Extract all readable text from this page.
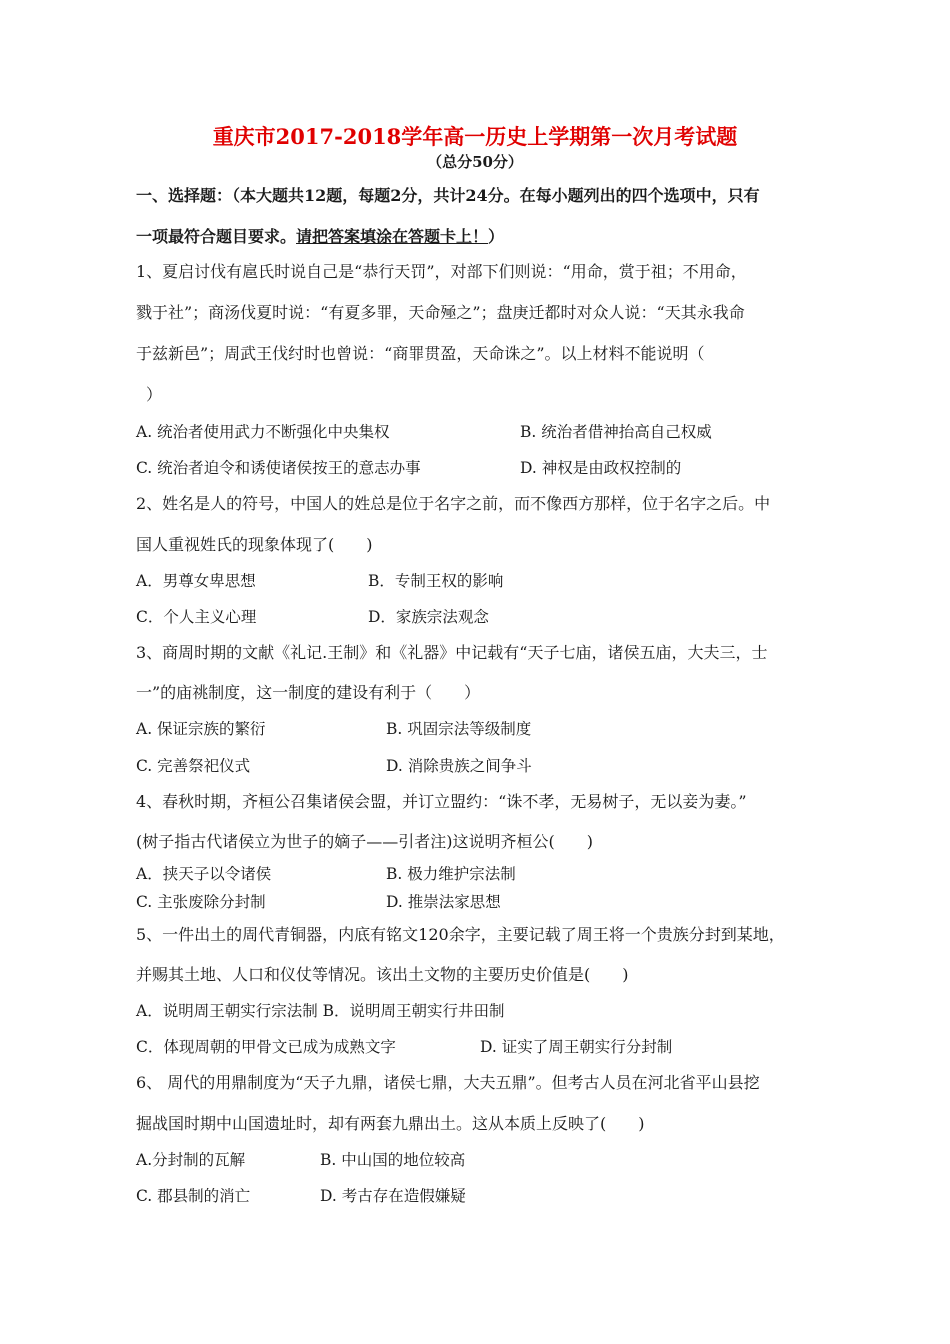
重庆市2017-2018学年高一历史上学期第一次月考试题
（总分50分）
一、选择题：（本大题共12题，每题2分，共计24分。在每小题列出的四个选项中，只有
一项最符合题目要求。请把答案填涂在答题卡上！）
1、夏启讨伐有扈氏时说自己是“恭行天罚”，对部下们则说：“用命，赏于祖；不用命，
戮于社”；商汤伐夏时说：“有夏多罪，天命殛之”；盘庚迁都时对众人说：“天其永我命
于兹新邑”；周武王伐纣时也曾说：“商罪贯盈，天命诛之”。以上材料不能说明（
）
A. 统治者使用武力不断强化中央集权	B. 统治者借神抬高自己权威
C. 统治者迫令和诱使诸侯按王的意志办事	D. 神权是由政权控制的
2、姓名是人的符号，中国人的姓总是位于名字之前，而不像西方那样，位于名字之后。中
国人重视姓氏的现象体现了(　　)
A．男尊女卑思想	B．专制王权的影响
C．个人主义心理	D．家族宗法观念
3、商周时期的文献《礼记.王制》和《礼器》中记载有“天子七庙，诸侯五庙，大夫三，士
一”的庙祧制度，这一制度的建设有利于（　　）
A. 保证宗族的繁衍	B. 巩固宗法等级制度
C. 完善祭祀仪式	D. 消除贵族之间争斗
4、春秋时期，齐桓公召集诸侯会盟，并订立盟约：“诛不孝，无易树子，无以妾为妻。”
(树子指古代诸侯立为世子的嫡子——引者注)这说明齐桓公(　　)
A．挟天子以令诸侯	B. 极力维护宗法制
C. 主张废除分封制	D. 推崇法家思想
5、一件出土的周代青铜器，内底有铭文120余字，主要记载了周王将一个贵族分封到某地，
并赐其土地、人口和仪仗等情况。该出土文物的主要历史价值是(　　)
A．说明周王朝实行宗法制 B．说明周王朝实行井田制
C．体现周朝的甲骨文已成为成熟文字	D. 证实了周王朝实行分封制
6、 周代的用鼎制度为“天子九鼎，诸侯七鼎，大夫五鼎”。但考古人员在河北省平山县挖
掘战国时期中山国遗址时，却有两套九鼎出土。这从本质上反映了(　　)
A.分封制的瓦解	B. 中山国的地位较高
C. 郡县制的消亡	D. 考古存在造假嫌疑
